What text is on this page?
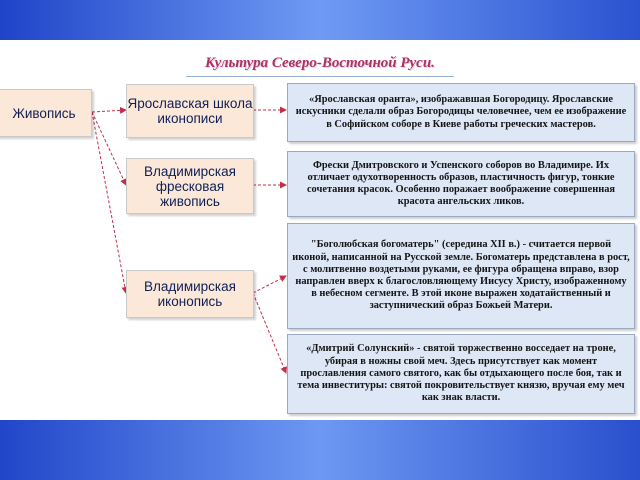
Культура Северо-Восточной Руси.
Живопись
Ярославская школа иконописи
Владимирская фресковая живопись
Владимирская иконопись
«Ярославская оранта», изображавшая Богородицу. Ярославские искусники сделали образ Богородицы человечнее, чем ее изображение в Софийском соборе в Киеве работы греческих мастеров.
Фрески Дмитровского и Успенского соборов во Владимире. Их отличает одухотворенность образов, пластичность фигур, тонкие сочетания красок. Особенно поражает воображение совершенная красота ангельских ликов.
"Боголюбская богоматерь" (середина XII в.) - считается первой иконой, написанной на Русской земле. Богоматерь представлена в рост, с молитвенно воздетыми руками, ее фигура обращена вправо, взор направлен вверх к благословляющему Иисусу Христу, изображенному в небесном сегменте. В этой иконе выражен ходатайственный и заступнический образ Божьей Матери.
«Дмитрий Солунский» - святой торжественно восседает на троне, убирая в ножны свой меч. Здесь присутствует как момент прославления самого святого, как бы отдыхающего после боя, так и тема инвеституры: святой покровительствует князю, вручая ему меч как знак власти.
